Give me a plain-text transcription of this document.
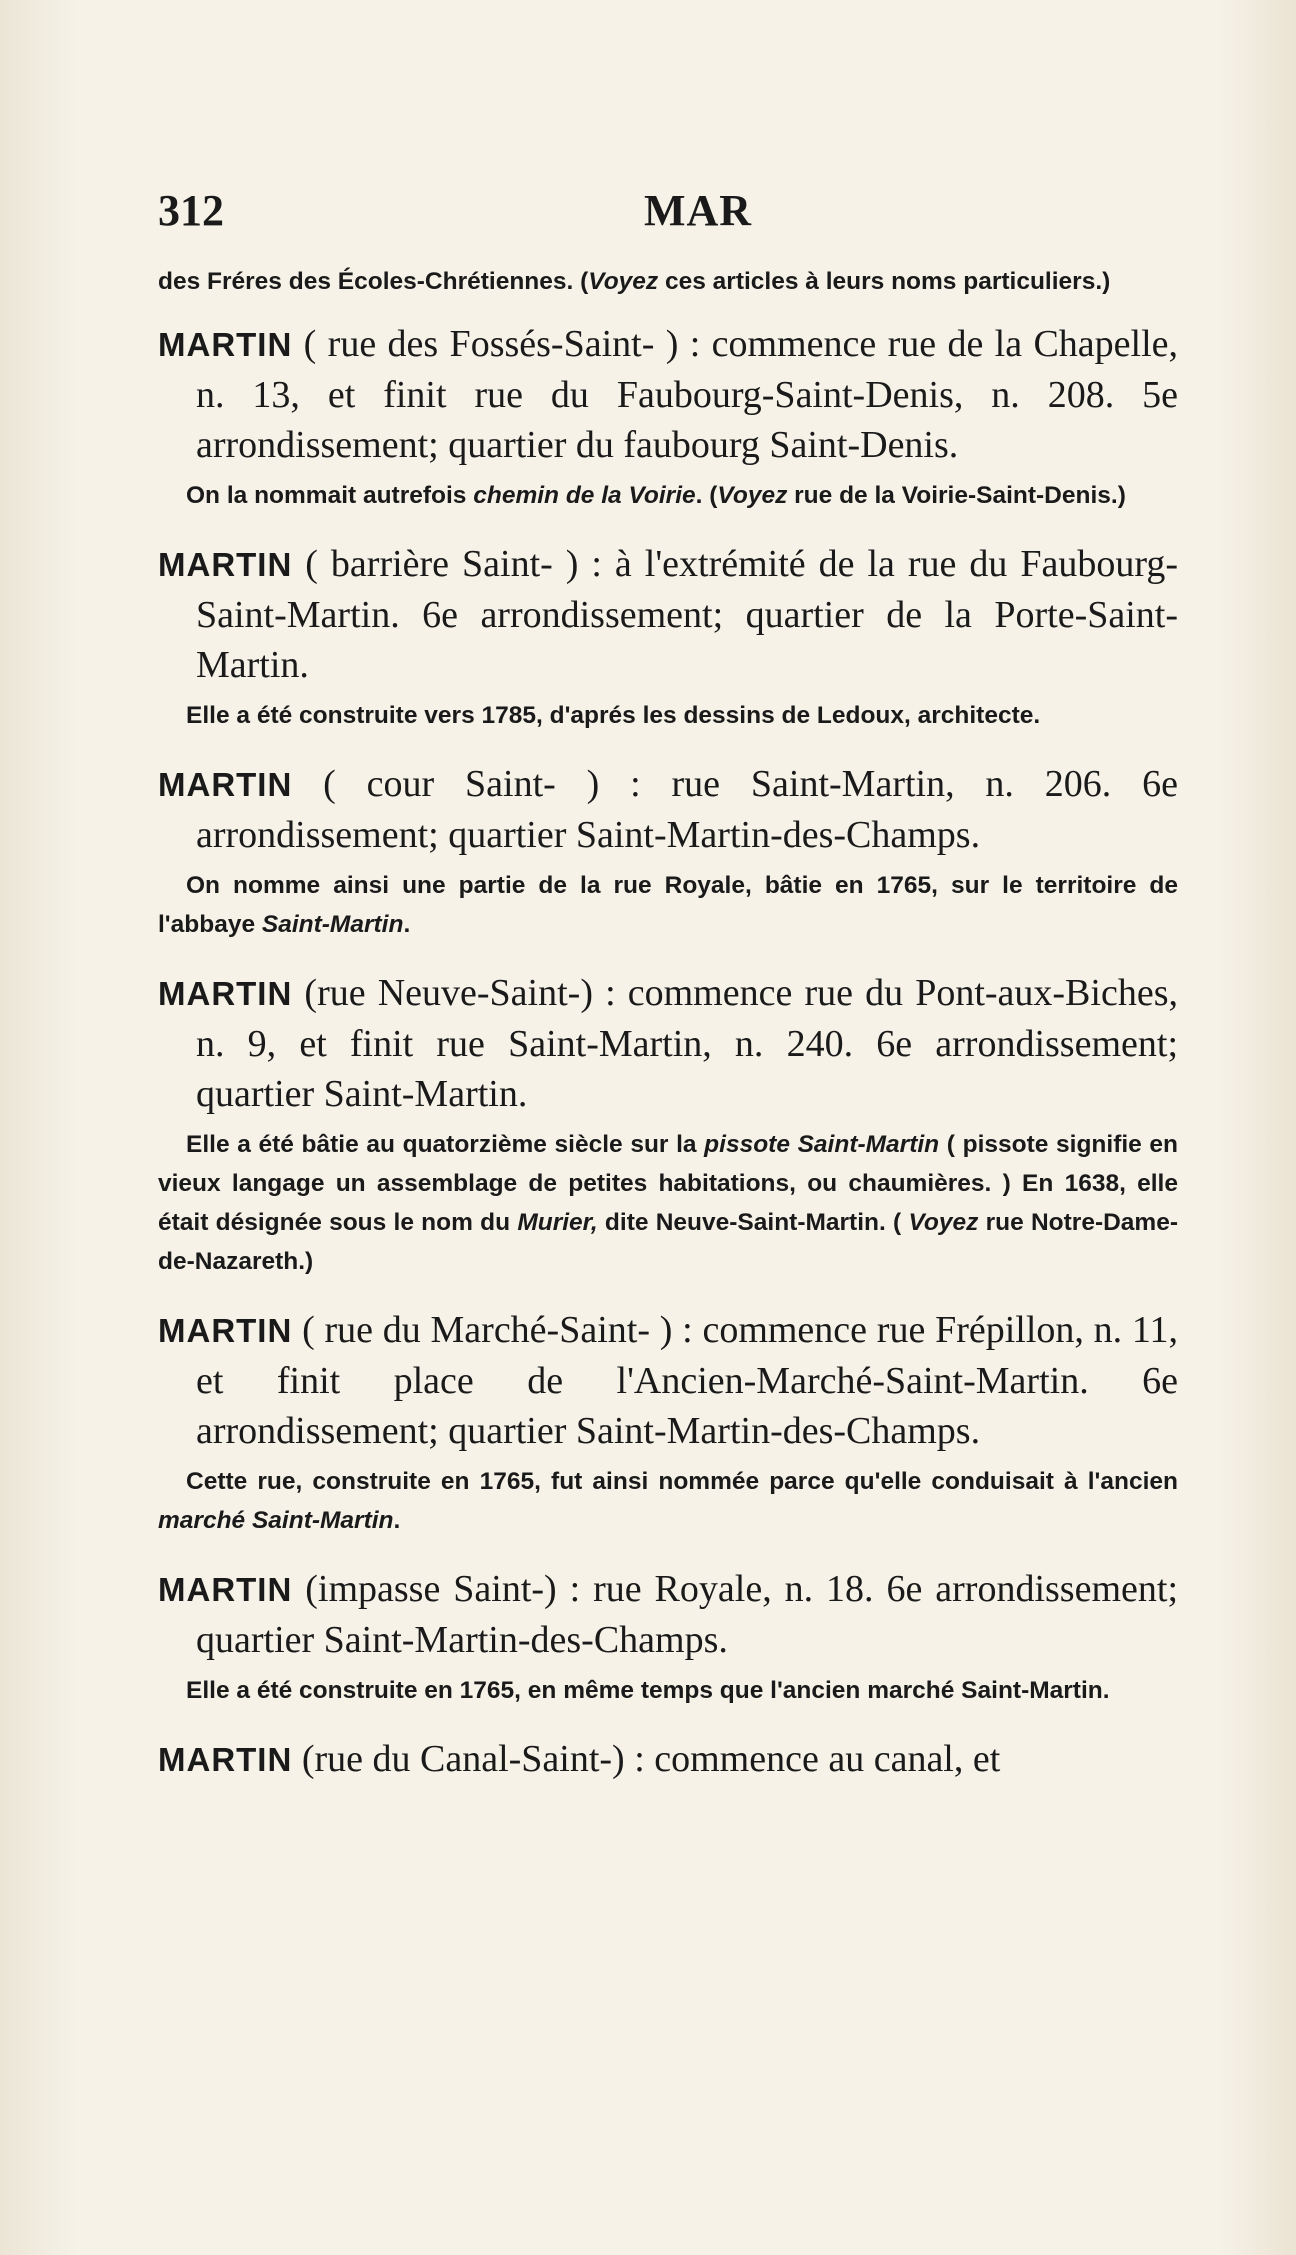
312	MAR

des Fréres des Écoles-Chrétiennes. (Voyez ces articles à leurs noms particuliers.)

MARTIN ( rue des Fossés-Saint- ) : commence rue de la Chapelle, n. 13, et finit rue du Faubourg-Saint-Denis, n. 208. 5e arrondissement; quartier du faubourg Saint-Denis.

On la nommait autrefois chemin de la Voirie. (Voyez rue de la Voirie-Saint-Denis.)

MARTIN ( barrière Saint- ) : à l'extrémité de la rue du Faubourg-Saint-Martin. 6e arrondissement; quartier de la Porte-Saint-Martin.

Elle a été construite vers 1785, d'aprés les dessins de Ledoux, architecte.

MARTIN ( cour Saint- ) : rue Saint-Martin, n. 206. 6e arrondissement; quartier Saint-Martin-des-Champs.

On nomme ainsi une partie de la rue Royale, bâtie en 1765, sur le territoire de l'abbaye Saint-Martin.

MARTIN (rue Neuve-Saint-) : commence rue du Pont-aux-Biches, n. 9, et finit rue Saint-Martin, n. 240. 6e arrondissement; quartier Saint-Martin.

Elle a été bâtie au quatorzième siècle sur la pissote Saint-Martin ( pissote signifie en vieux langage un assemblage de petites habitations, ou chaumières. ) En 1638, elle était désignée sous le nom du Murier, dite Neuve-Saint-Martin. ( Voyez rue Notre-Dame-de-Nazareth.)

MARTIN ( rue du Marché-Saint- ) : commence rue Frépillon, n. 11, et finit place de l'Ancien-Marché-Saint-Martin. 6e arrondissement; quartier Saint-Martin-des-Champs.

Cette rue, construite en 1765, fut ainsi nommée parce qu'elle conduisait à l'ancien marché Saint-Martin.

MARTIN (impasse Saint-) : rue Royale, n. 18. 6e arrondissement; quartier Saint-Martin-des-Champs.

Elle a été construite en 1765, en même temps que l'ancien marché Saint-Martin.

MARTIN (rue du Canal-Saint-) : commence au canal, et
